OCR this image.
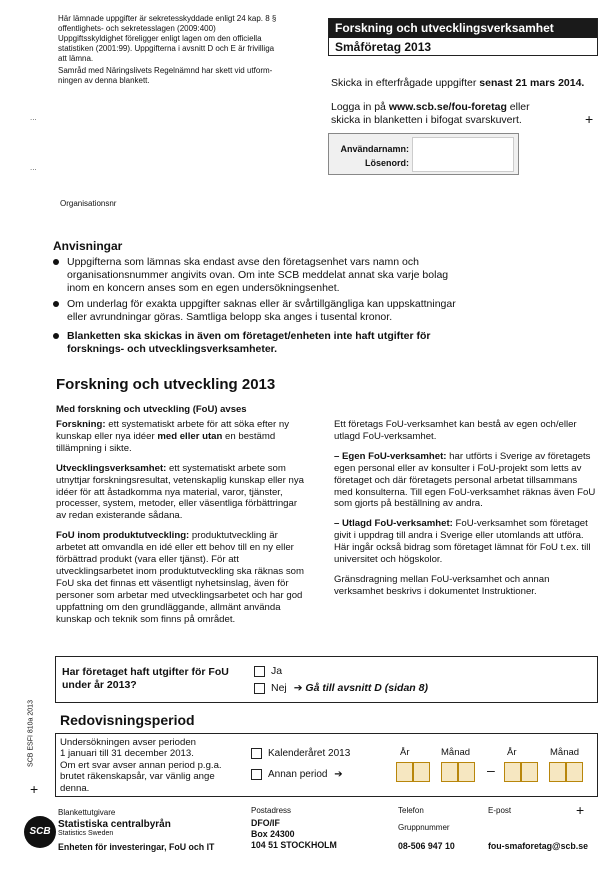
Här lämnade uppgifter är sekretesskyddade enligt 24 kap. 8 §
offentlighets- och sekretesslagen (2009:400)
Uppgiftsskyldighet föreligger enligt lagen om den officiella
statistiken (2001:99). Uppgifterna i avsnitt D och E är frivilliga
att lämna.
Samråd med Näringslivets Regelnämnd har skett vid utform-
ningen av denna blankett.
Forskning och utvecklingsverksamhet
Småföretag 2013
Skicka in efterfrågade uppgifter senast 21 mars 2014.
Logga in på www.scb.se/fou-foretag eller
skicka in blanketten i bifogat svarskuvert.	+
Användarnamn:
Lösenord:
...
...
Organisationsnr
Anvisningar
Uppgifterna som lämnas ska endast avse den företagsenhet vars namn och
organisationsnummer angivits ovan. Om inte SCB meddelat annat ska varje bolag
inom en koncern anses som en egen undersökningsenhet.
Om underlag för exakta uppgifter saknas eller är svårtillgängliga kan uppskattningar
eller avrundningar göras. Samtliga belopp ska anges i tusental kronor.
Blanketten ska skickas in även om företaget/enheten inte haft utgifter för
forsknings- och utvecklingsverksamheter.
Forskning och utveckling 2013
Med forskning och utveckling (FoU) avses

Forskning: ett systematiskt arbete för att söka efter ny kunskap eller nya idéer med eller utan en bestämd tillämpning i sikte.

Utvecklingsverksamhet: ett systematiskt arbete som utnyttjar forskningsresultat, vetenskaplig kunskap eller nya idéer för att åstadkomma nya material, varor, tjänster, processer, system, metoder, eller väsentliga förbättringar av redan existerande sådana.

FoU inom produktutveckling: produktutveckling är arbetet att omvandla en idé eller ett behov till en ny eller förbättrad produkt (vara eller tjänst). För att utvecklingsarbetet inom produktutveckling ska räknas som FoU ska det finnas ett väsentligt nyhetsinslag, även för personer som arbetar med utvecklingsarbetet och har god uppfattning om den grundläggande, allmänt använda kunskap och teknik som finns på området.

Ett företags FoU-verksamhet kan bestå av egen och/eller utlagd FoU-verksamhet.

– Egen FoU-verksamhet: har utförts i Sverige av företagets egen personal eller av konsulter i FoU-projekt som letts av företaget och där företagets personal arbetat tillsammans med konsulterna. Till egen FoU-verksamhet räknas även FoU som gjorts på beställning av andra.

– Utlagd FoU-verksamhet: FoU-verksamhet som företaget givit i uppdrag till andra i Sverige eller utomlands att utföra. Här ingår också bidrag som företaget lämnat för FoU t.ex. till universitet och högskolor.

Gränsdragning mellan FoU-verksamhet och annan verksamhet beskrivs i dokumentet Instruktioner.

Har företaget haft utgifter för FoU
under år 2013?
Ja
Nej ➔ Gå till avsnitt D (sidan 8)
Redovisningsperiod
Undersökningen avser perioden
1 januari till 31 december 2013.
Om ert svar avser annan period p.g.a.
brutet räkenskapsår, var vänlig ange
denna.
Kalenderåret 2013
Annan period ➔
År	Månad	År	Månad
–
SCB ESFI 810a 2013
+
Blankettutgivare
SCB
Statistiska centralbyrån
Statistics Sweden
Enheten för investeringar, FoU och IT
Postadress
DFO/IF
Box 24300
104 51 STOCKHOLM
Telefon
Gruppnummer
08-506 947 10
E-post
fou-smaforetag@scb.se
+
